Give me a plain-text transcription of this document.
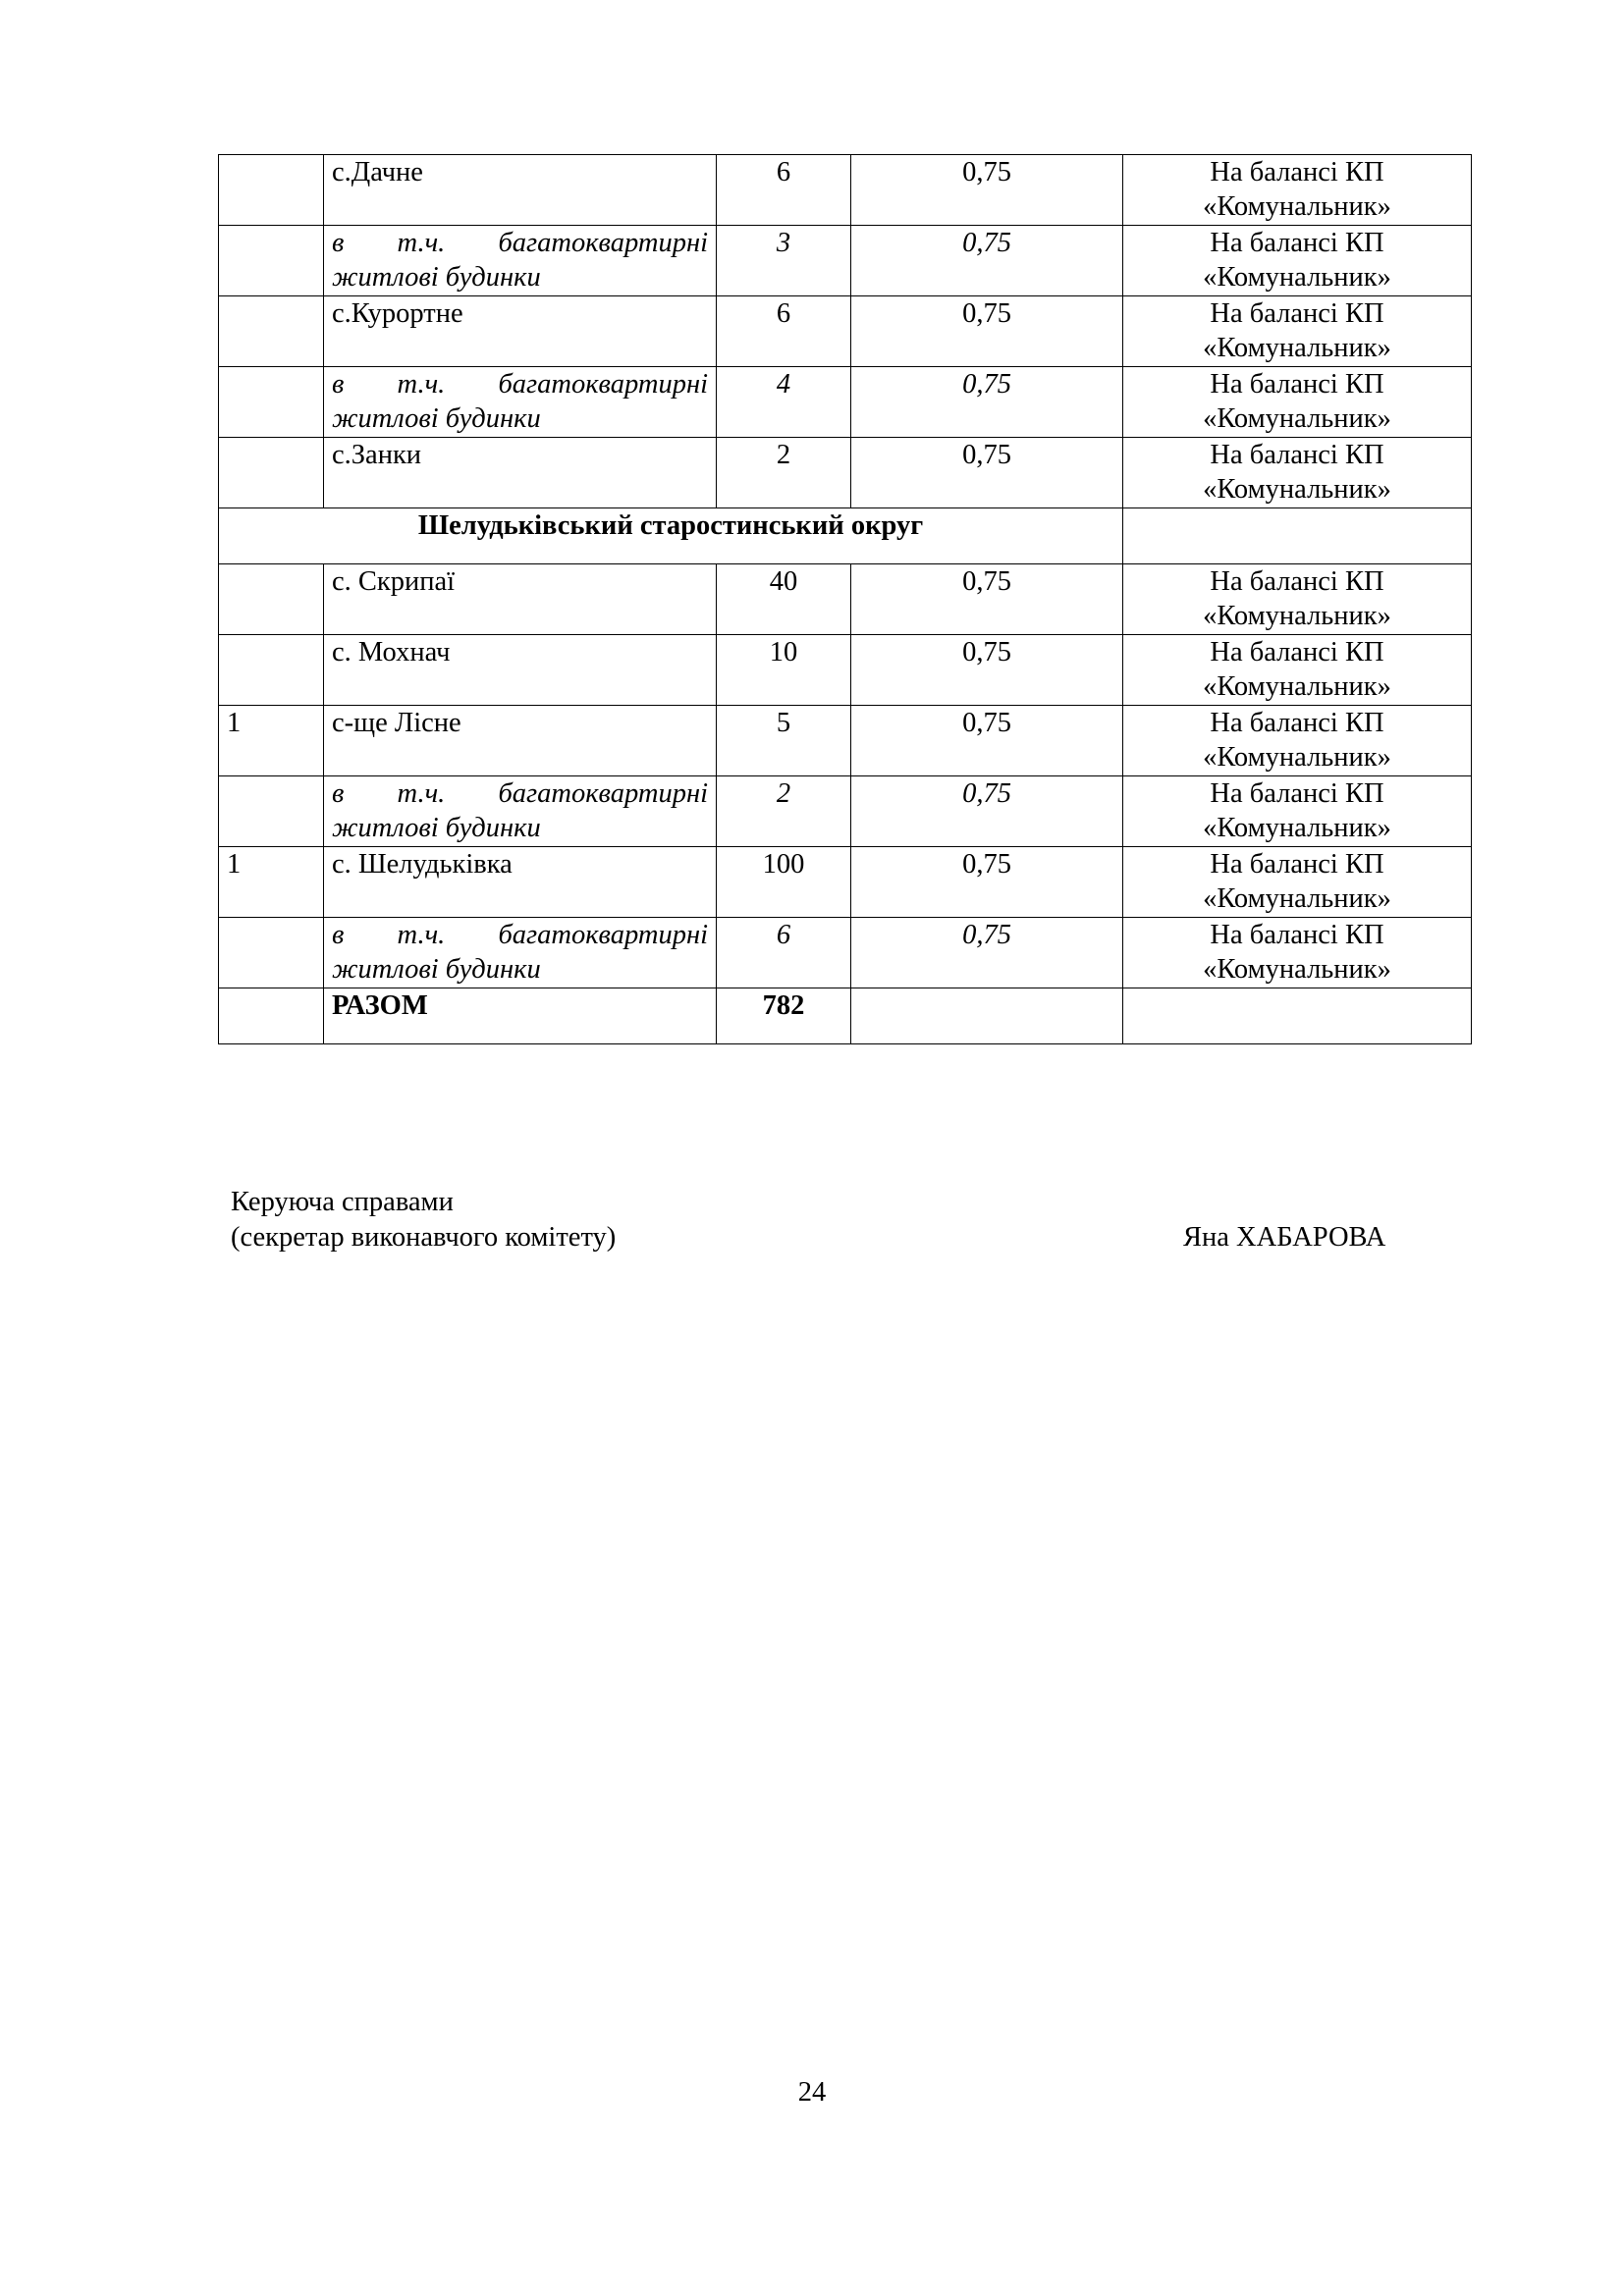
	с.Дачне	6	0,75	На балансі КП «Комунальник»
	в т.ч. багатоквартирні житлові будинки	3	0,75	На балансі КП «Комунальник»
	с.Курортне	6	0,75	На балансі КП «Комунальник»
	в т.ч. багатоквартирні житлові будинки	4	0,75	На балансі КП «Комунальник»
	с.Занки	2	0,75	На балансі КП «Комунальник»
Шелудьківський старостинський округ				
	с. Скрипаї	40	0,75	На балансі КП «Комунальник»
	с. Мохнач	10	0,75	На балансі КП «Комунальник»
1	с-ще Лісне	5	0,75	На балансі КП «Комунальник»
	в т.ч. багатоквартирні житлові будинки	2	0,75	На балансі КП «Комунальник»
1	с. Шелудьківка	100	0,75	На балансі КП «Комунальник»
	в т.ч. багатоквартирні житлові будинки	6	0,75	На балансі КП «Комунальник»
	РАЗОМ	782		
Керуюча справами
(секретар виконавчого комітету)	Яна ХАБАРОВА
24
